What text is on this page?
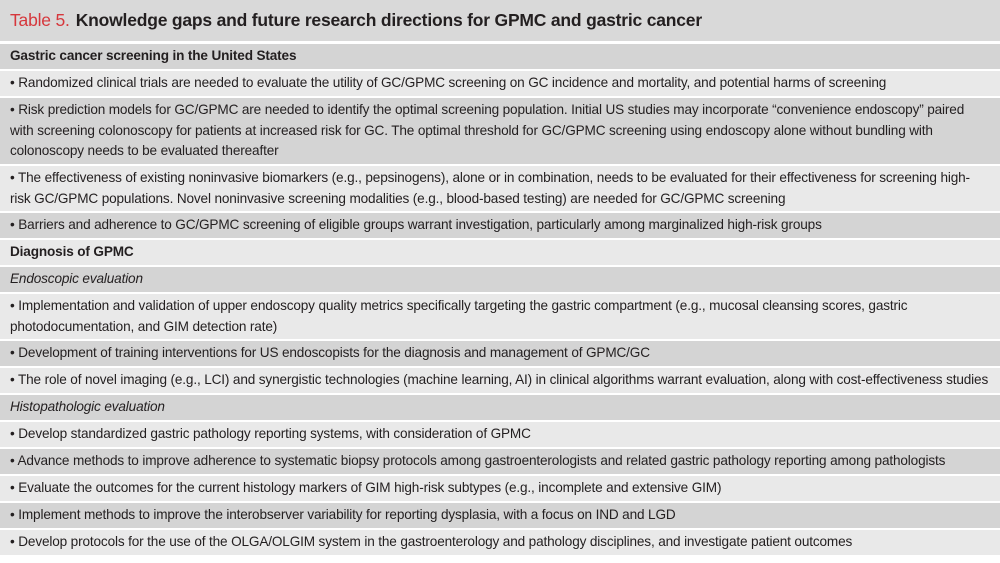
Table 5. Knowledge gaps and future research directions for GPMC and gastric cancer
Gastric cancer screening in the United States
• Randomized clinical trials are needed to evaluate the utility of GC/GPMC screening on GC incidence and mortality, and potential harms of screening
• Risk prediction models for GC/GPMC are needed to identify the optimal screening population. Initial US studies may incorporate “convenience endoscopy” paired with screening colonoscopy for patients at increased risk for GC. The optimal threshold for GC/GPMC screening using endoscopy alone without bundling with colonoscopy needs to be evaluated thereafter
• The effectiveness of existing noninvasive biomarkers (e.g., pepsinogens), alone or in combination, needs to be evaluated for their effectiveness for screening high-risk GC/GPMC populations. Novel noninvasive screening modalities (e.g., blood-based testing) are needed for GC/GPMC screening
• Barriers and adherence to GC/GPMC screening of eligible groups warrant investigation, particularly among marginalized high-risk groups
Diagnosis of GPMC
Endoscopic evaluation
• Implementation and validation of upper endoscopy quality metrics specifically targeting the gastric compartment (e.g., mucosal cleansing scores, gastric photodocumentation, and GIM detection rate)
• Development of training interventions for US endoscopists for the diagnosis and management of GPMC/GC
• The role of novel imaging (e.g., LCI) and synergistic technologies (machine learning, AI) in clinical algorithms warrant evaluation, along with cost-effectiveness studies
Histopathologic evaluation
• Develop standardized gastric pathology reporting systems, with consideration of GPMC
• Advance methods to improve adherence to systematic biopsy protocols among gastroenterologists and related gastric pathology reporting among pathologists
• Evaluate the outcomes for the current histology markers of GIM high-risk subtypes (e.g., incomplete and extensive GIM)
• Implement methods to improve the interobserver variability for reporting dysplasia, with a focus on IND and LGD
• Develop protocols for the use of the OLGA/OLGIM system in the gastroenterology and pathology disciplines, and investigate patient outcomes
